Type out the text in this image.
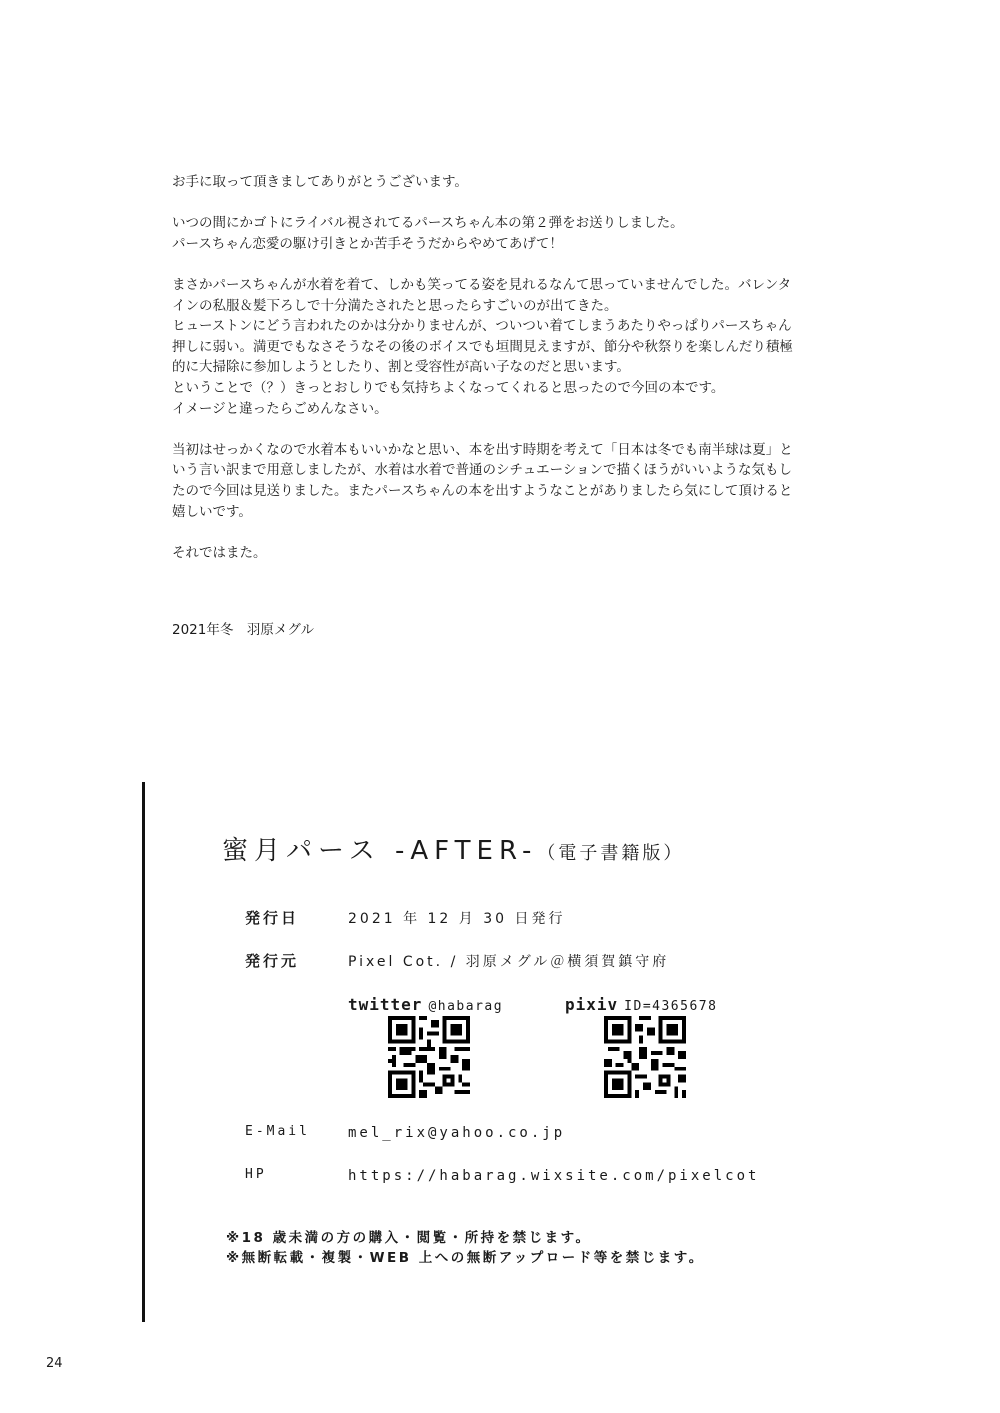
お手に取って頂きましてありがとうございます。

いつの間にかゴトにライバル視されてるパースちゃん本の第２弾をお送りしました。
パースちゃん恋愛の駆け引きとか苦手そうだからやめてあげて！

まさかパースちゃんが水着を着て、しかも笑ってる姿を見れるなんて思っていませんでした。バレンタ
インの私服＆髪下ろしで十分満たされたと思ったらすごいのが出てきた。
ヒューストンにどう言われたのかは分かりませんが、ついつい着てしまうあたりやっぱりパースちゃん
押しに弱い。満更でもなさそうなその後のボイスでも垣間見えますが、節分や秋祭りを楽しんだり積極
的に大掃除に参加しようとしたり、割と受容性が高い子なのだと思います。
ということで（？）きっとおしりでも気持ちよくなってくれると思ったので今回の本です。
イメージと違ったらごめんなさい。

当初はせっかくなので水着本もいいかなと思い、本を出す時期を考えて「日本は冬でも南半球は夏」と
いう言い訳まで用意しましたが、水着は水着で普通のシチュエーションで描くほうがいいような気もし
たので今回は見送りました。またパースちゃんの本を出すようなことがありましたら気にして頂けると
嬉しいです。

それではまた。

2021年冬　羽原メグル
蜜月パース -AFTER-（電子書籍版）
発行日	2021 年 12 月 30 日発行
発行元	Pixel Cot. / 羽原メグル＠横須賀鎮守府
twitter @habarag	pixiv ID=4365678
E-Mail	mel_rix@yahoo.co.jp
HP	https://habarag.wixsite.com/pixelcot
※18 歳未満の方の購入・閲覧・所持を禁じます。
※無断転載・複製・WEB 上への無断アップロード等を禁じます。
24
